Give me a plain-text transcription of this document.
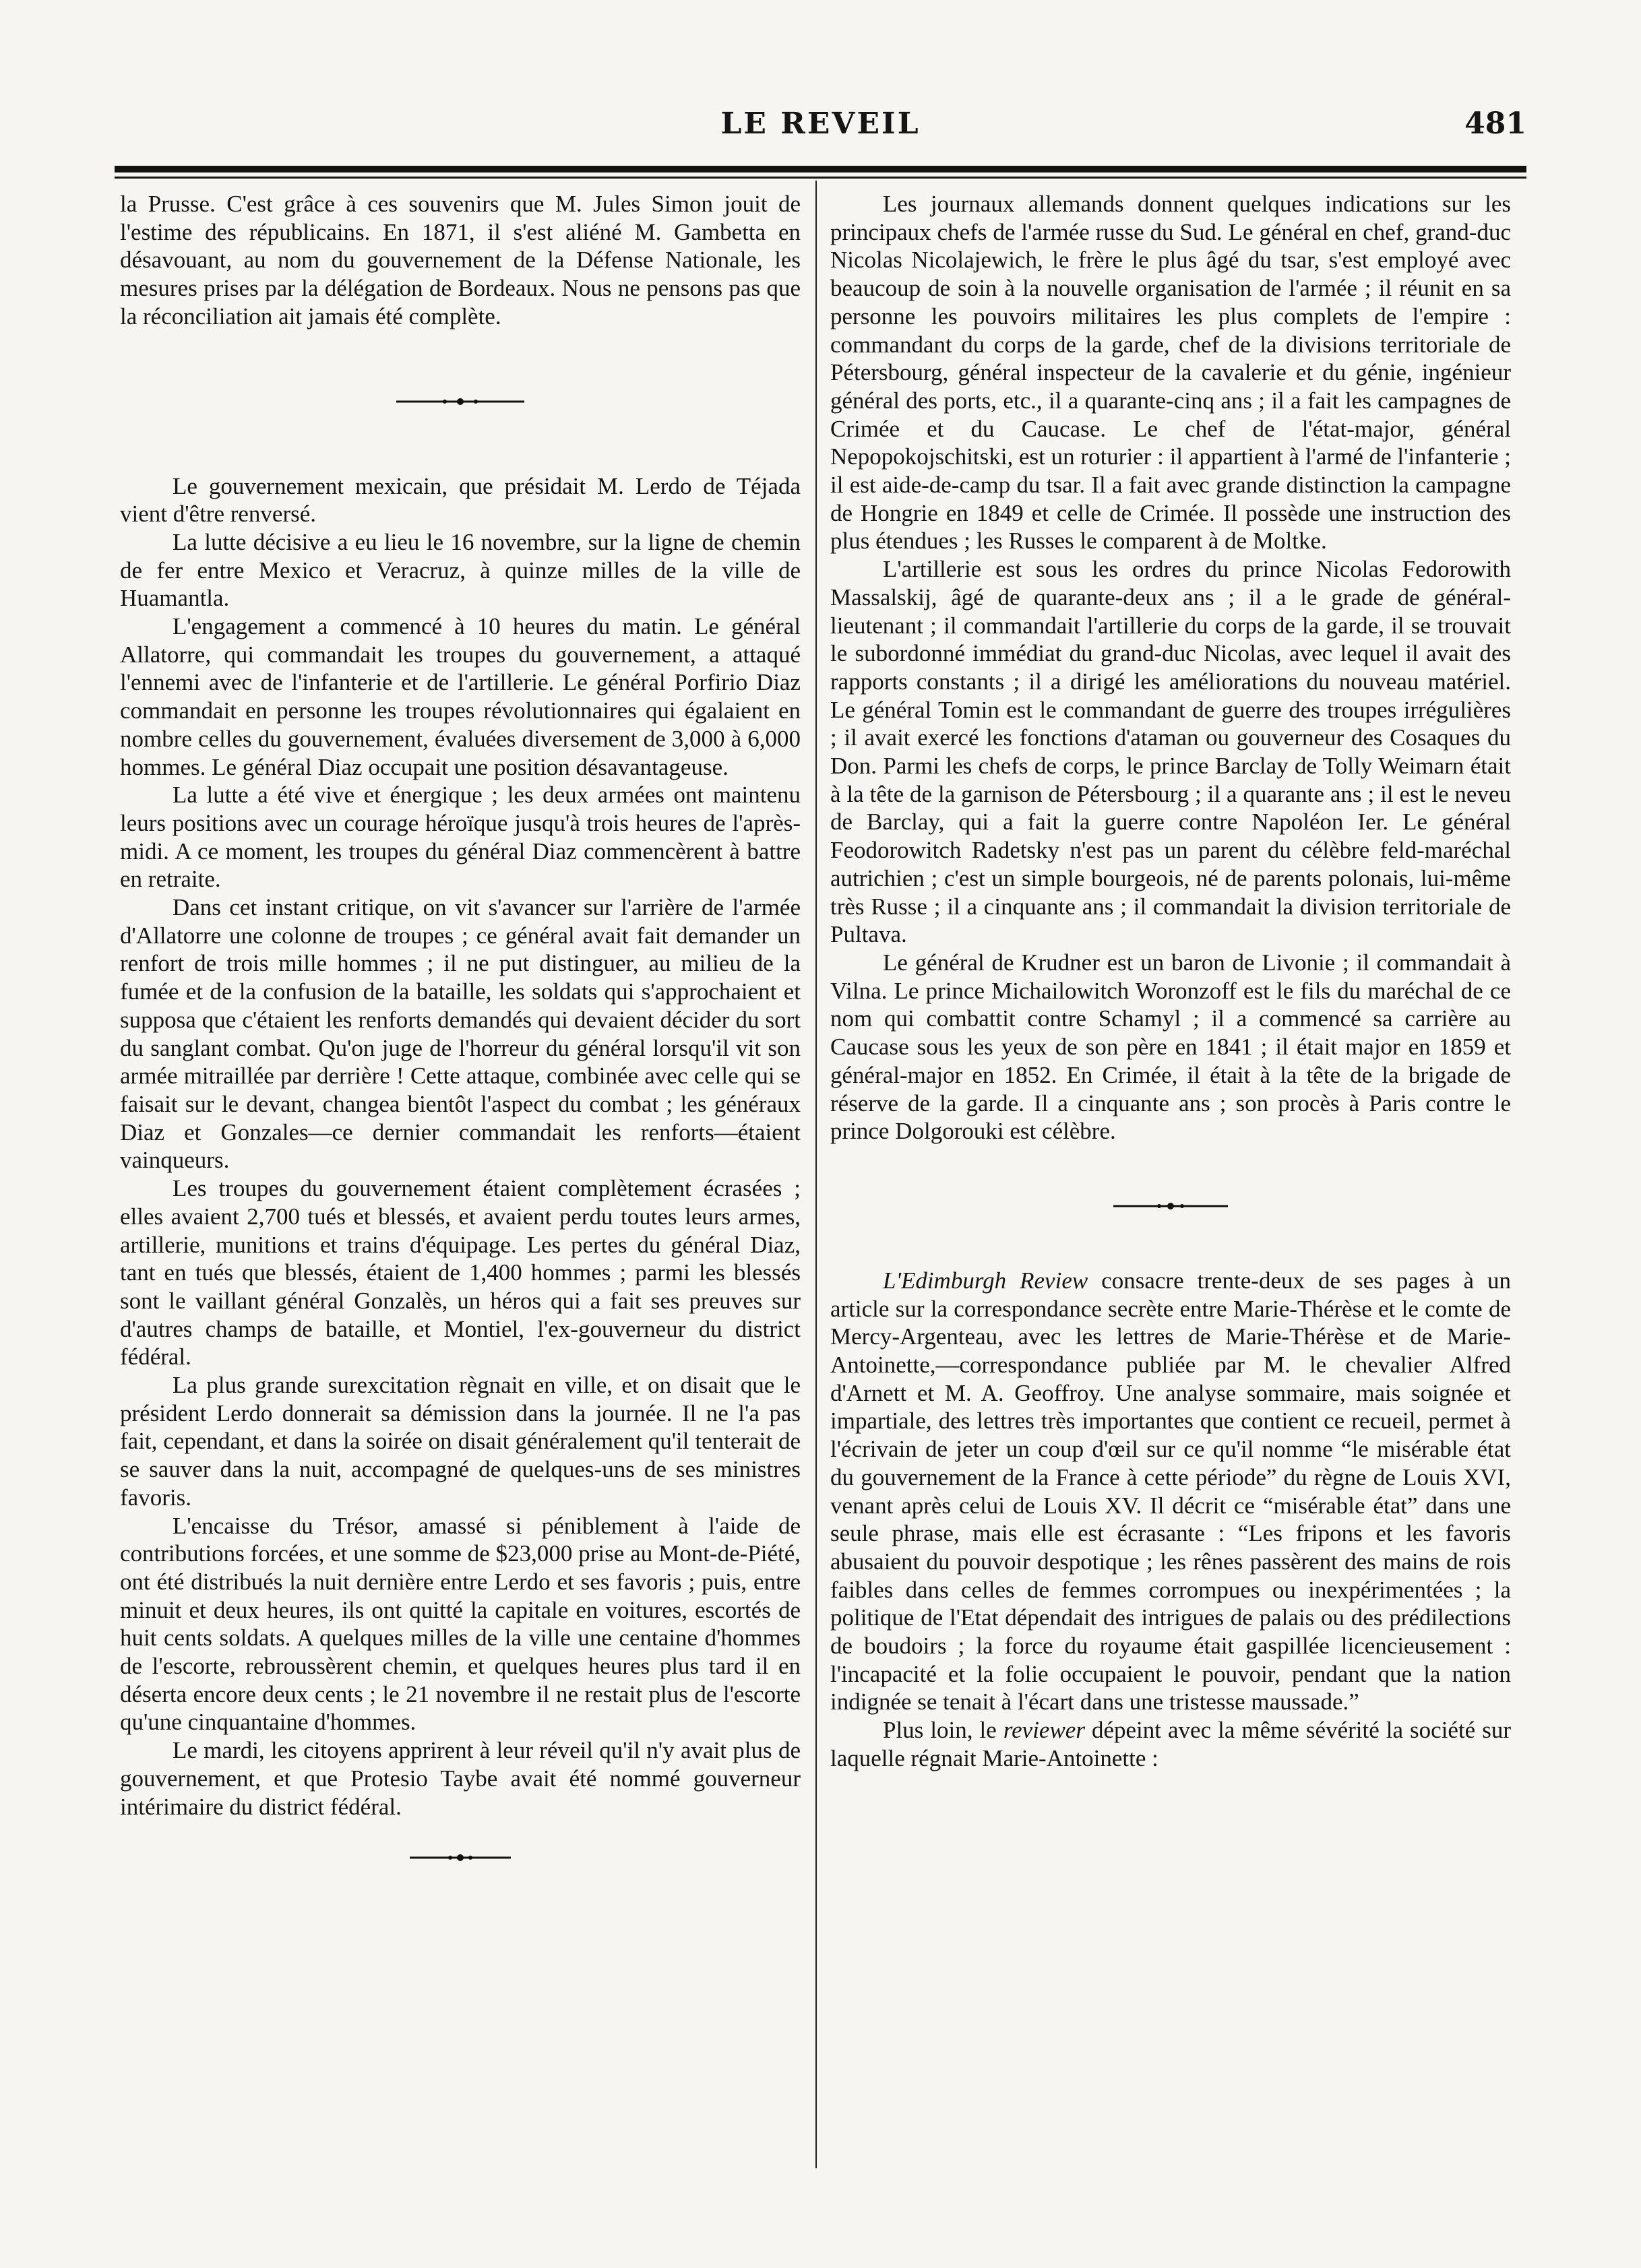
LE REVEIL	481

la Prusse. C'est grâce à ces souvenirs que M. Jules Simon jouit de l'estime des républicains. En 1871, il s'est aliéné M. Gambetta en désavouant, au nom du gouvernement de la Défense Nationale, les mesures prises par la délégation de Bordeaux. Nous ne pensons pas que la réconciliation ait jamais été complète.

Le gouvernement mexicain, que présidait M. Lerdo de Téjada vient d'être renversé.

La lutte décisive a eu lieu le 16 novembre, sur la ligne de chemin de fer entre Mexico et Veracruz, à quinze milles de la ville de Huamantla.

L'engagement a commencé à 10 heures du matin. Le général Allatorre, qui commandait les troupes du gouvernement, a attaqué l'ennemi avec de l'infanterie et de l'artillerie. Le général Porfirio Diaz commandait en personne les troupes révolutionnaires qui égalaient en nombre celles du gouvernement, évaluées diversement de 3,000 à 6,000 hommes. Le général Diaz occupait une position désavantageuse.

La lutte a été vive et énergique ; les deux armées ont maintenu leurs positions avec un courage héroïque jusqu'à trois heures de l'après-midi. A ce moment, les troupes du général Diaz commencèrent à battre en retraite.

Dans cet instant critique, on vit s'avancer sur l'arrière de l'armée d'Allatorre une colonne de troupes ; ce général avait fait demander un renfort de trois mille hommes ; il ne put distinguer, au milieu de la fumée et de la confusion de la bataille, les soldats qui s'approchaient et supposa que c'étaient les renforts demandés qui devaient décider du sort du sanglant combat. Qu'on juge de l'horreur du général lorsqu'il vit son armée mitraillée par derrière ! Cette attaque, combinée avec celle qui se faisait sur le devant, changea bientôt l'aspect du combat ; les généraux Diaz et Gonzales—ce dernier commandait les renforts—étaient vainqueurs.

Les troupes du gouvernement étaient complètement écrasées ; elles avaient 2,700 tués et blessés, et avaient perdu toutes leurs armes, artillerie, munitions et trains d'équipage. Les pertes du général Diaz, tant en tués que blessés, étaient de 1,400 hommes ; parmi les blessés sont le vaillant général Gonzalès, un héros qui a fait ses preuves sur d'autres champs de bataille, et Montiel, l'ex-gouverneur du district fédéral.

La plus grande surexcitation règnait en ville, et on disait que le président Lerdo donnerait sa démission dans la journée. Il ne l'a pas fait, cependant, et dans la soirée on disait généralement qu'il tenterait de se sauver dans la nuit, accompagné de quelques-uns de ses ministres favoris.

L'encaisse du Trésor, amassé si péniblement à l'aide de contributions forcées, et une somme de $23,000 prise au Mont-de-Piété, ont été distribués la nuit dernière entre Lerdo et ses favoris ; puis, entre minuit et deux heures, ils ont quitté la capitale en voitures, escortés de huit cents soldats. A quelques milles de la ville une centaine d'hommes de l'escorte, rebroussèrent chemin, et quelques heures plus tard il en déserta encore deux cents ; le 21 novembre il ne restait plus de l'escorte qu'une cinquantaine d'hommes.

Le mardi, les citoyens apprirent à leur réveil qu'il n'y avait plus de gouvernement, et que Protesio Taybe avait été nommé gouverneur intérimaire du district fédéral.

Les journaux allemands donnent quelques indications sur les principaux chefs de l'armée russe du Sud. Le général en chef, grand-duc Nicolas Nicolajewich, le frère le plus âgé du tsar, s'est employé avec beaucoup de soin à la nouvelle organisation de l'armée ; il réunit en sa personne les pouvoirs militaires les plus complets de l'empire : commandant du corps de la garde, chef de la divisions territoriale de Pétersbourg, général inspecteur de la cavalerie et du génie, ingénieur général des ports, etc., il a quarante-cinq ans ; il a fait les campagnes de Crimée et du Caucase. Le chef de l'état-major, général Nepopokojschitski, est un roturier : il appartient à l'armé de l'infanterie ; il est aide-de-camp du tsar. Il a fait avec grande distinction la campagne de Hongrie en 1849 et celle de Crimée. Il possède une instruction des plus étendues ; les Russes le comparent à de Moltke.

L'artillerie est sous les ordres du prince Nicolas Fedorowith Massalskij, âgé de quarante-deux ans ; il a le grade de général-lieutenant ; il commandait l'artillerie du corps de la garde, il se trouvait le subordonné immédiat du grand-duc Nicolas, avec lequel il avait des rapports constants ; il a dirigé les améliorations du nouveau matériel. Le général Tomin est le commandant de guerre des troupes irrégulières ; il avait exercé les fonctions d'ataman ou gouverneur des Cosaques du Don. Parmi les chefs de corps, le prince Barclay de Tolly Weimarn était à la tête de la garnison de Pétersbourg ; il a quarante ans ; il est le neveu de Barclay, qui a fait la guerre contre Napoléon Ier. Le général Feodorowitch Radetsky n'est pas un parent du célèbre feld-maréchal autrichien ; c'est un simple bourgeois, né de parents polonais, lui-même très Russe ; il a cinquante ans ; il commandait la division territoriale de Pultava.

Le général de Krudner est un baron de Livonie ; il commandait à Vilna. Le prince Michailowitch Woronzoff est le fils du maréchal de ce nom qui combattit contre Schamyl ; il a commencé sa carrière au Caucase sous les yeux de son père en 1841 ; il était major en 1859 et général-major en 1852. En Crimée, il était à la tête de la brigade de réserve de la garde. Il a cinquante ans ; son procès à Paris contre le prince Dolgorouki est célèbre.

L'Edimburgh Review consacre trente-deux de ses pages à un article sur la correspondance secrète entre Marie-Thérèse et le comte de Mercy-Argenteau, avec les lettres de Marie-Thérèse et de Marie-Antoinette,—correspondance publiée par M. le chevalier Alfred d'Arnett et M. A. Geoffroy. Une analyse sommaire, mais soignée et impartiale, des lettres très importantes que contient ce recueil, permet à l'écrivain de jeter un coup d'œil sur ce qu'il nomme “le misérable état du gouvernement de la France à cette période” du règne de Louis XVI, venant après celui de Louis XV. Il décrit ce “misérable état” dans une seule phrase, mais elle est écrasante : “Les fripons et les favoris abusaient du pouvoir despotique ; les rênes passèrent des mains de rois faibles dans celles de femmes corrompues ou inexpérimentées ; la politique de l'Etat dépendait des intrigues de palais ou des prédilections de boudoirs ; la force du royaume était gaspillée licencieusement : l'incapacité et la folie occupaient le pouvoir, pendant que la nation indignée se tenait à l'écart dans une tristesse maussade.”

Plus loin, le reviewer dépeint avec la même sévérité la société sur laquelle régnait Marie-Antoinette :
